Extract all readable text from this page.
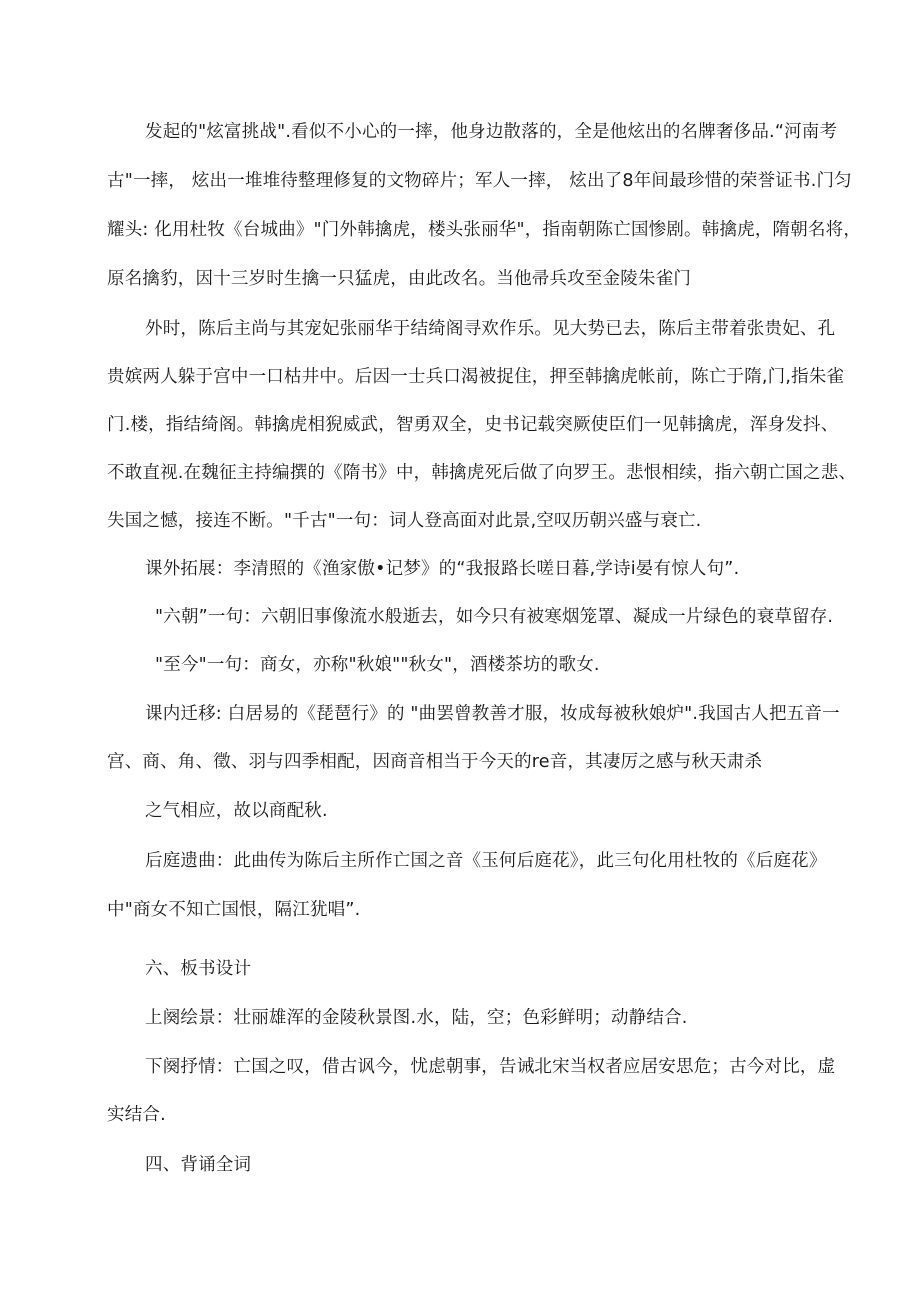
发起的"炫富挑战".看似不小心的一摔，他身边散落的，全是他炫出的名牌奢侈品.“河南考
古"一摔， 炫出一堆堆待整理修复的文物碎片；军人一摔， 炫出了8年间最珍惜的荣誉证书.门匀
耀头: 化用杜牧《台城曲》"门外韩擒虎，楼头张丽华"，指南朝陈亡国惨剧。韩擒虎，隋朝名将，
原名擒豹，因十三岁时生擒一只猛虎，由此改名。当他帚兵攻至金陵朱雀门
外时，陈后主尚与其宠妃张丽华于结绮阁寻欢作乐。见大势已去，陈后主带着张贵妃、孔
贵嫔两人躲于宫中一口枯井中。后因一士兵口渴被捉住，押至韩擒虎帐前，陈亡于隋,门,指朱雀
门.楼，指结绮阁。韩擒虎相猊威武，智勇双全，史书记载突厥使臣们一见韩擒虎，浑身发抖、
不敢直视.在魏征主持编撰的《隋书》中，韩擒虎死后做了向罗王。悲恨相续，指六朝亡国之悲、
失国之憾，接连不断。"千古"一句：词人登高面对此景,空叹历朝兴盛与衰亡.
课外拓展：李清照的《渔家傲•记梦》的“我报路长嗟日暮,学诗i晏有惊人句”.
"六朝”一句：六朝旧事像流水般逝去，如今只有被寒烟笼罩、凝成一片绿色的衰草留存.
"至今"一句：商女，亦称"秋娘""秋女"，酒楼茶坊的歌女.
课内迁移: 白居易的《琵琶行》的 "曲罢曾教善才服，妆成每被秋娘炉".我国古人把五音一
宫、商、角、徵、羽与四季相配，因商音相当于今天的re音，其凄厉之感与秋天肃杀
之气相应，故以商配秋.
后庭遗曲：此曲传为陈后主所作亡国之音《玉何后庭花》，此三句化用杜牧的《后庭花》
中"商女不知亡国恨，隔江犹唱”.
六、板书设计
上阕绘景：壮丽雄浑的金陵秋景图.水，陆，空；色彩鲜明；动静结合.
下阕抒情：亡国之叹，借古讽今，忧虑朝事，告诫北宋当权者应居安思危；古今对比，虚
实结合.
四、背诵全词
